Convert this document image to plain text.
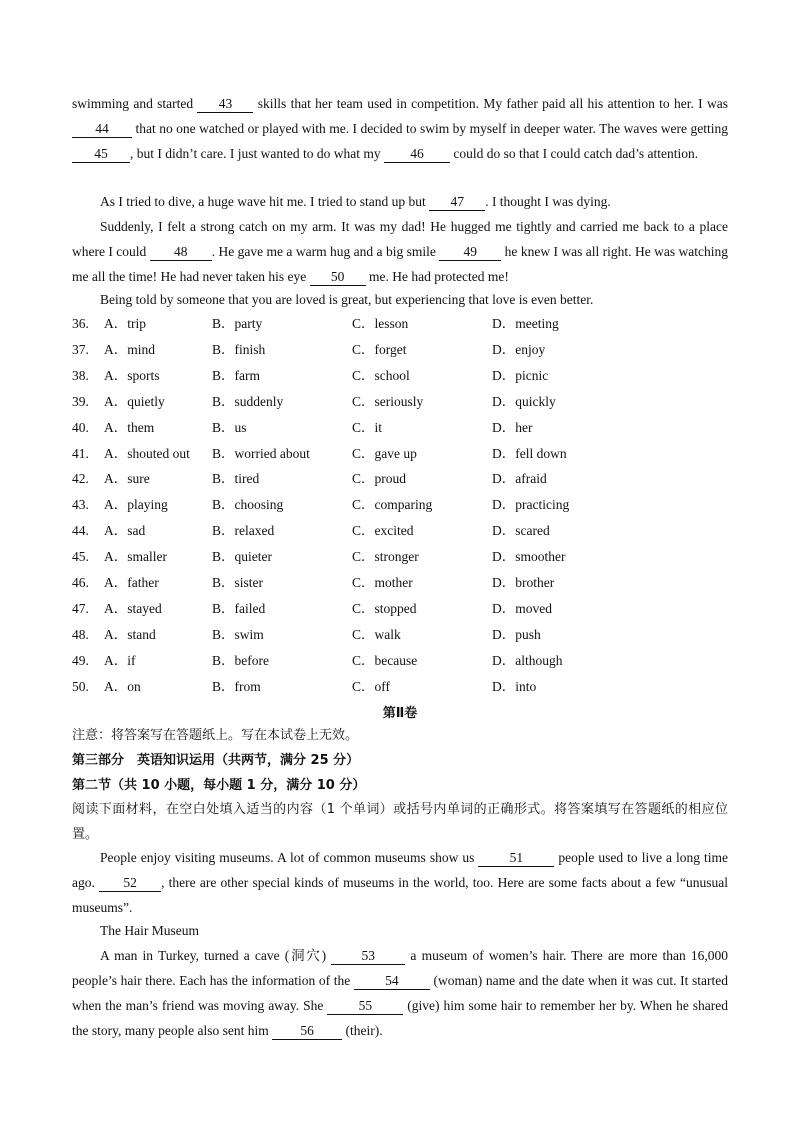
swimming and started 43 skills that her team used in competition. My father paid all his attention to her. I was 44 that no one watched or played with me. I decided to swim by myself in deeper water. The waves were getting 45 , but I didn’t care. I just wanted to do what my 46 could do so that I could catch dad’s attention.

As I tried to dive, a huge wave hit me. I tried to stand up but 47 . I thought I was dying.

Suddenly, I felt a strong catch on my arm. It was my dad! He hugged me tightly and carried me back to a place where I could 48 . He gave me a warm hug and a big smile 49 he knew I was all right. He was watching me all the time! He had never taken his eye 50 me. He had protected me!

Being told by someone that you are loved is great, but experiencing that love is even better.

36. A．trip	B．party	C．lesson	D．meeting
37. A．mind	B．finish	C．forget	D．enjoy
38. A．sports	B．farm	C．school	D．picnic
39. A．quietly	B．suddenly	C．seriously	D．quickly
40. A．them	B．us	C．it	D．her
41. A．shouted out B．worried about	C．gave up	D．fell down
42. A．sure	B．tired	C．proud	D．afraid
43. A．playing	B．choosing	C．comparing	D．practicing
44. A．sad	B．relaxed	C．excited	D．scared
45. A．smaller	B．quieter	C．stronger	D．smoother
46. A．father	B．sister	C．mother	D．brother
47. A．stayed	B．failed	C．stopped	D．moved
48. A．stand	B．swim	C．walk	D．push
49. A．if	B．before	C．because	D．although
50. A．on	B．from	C．off	D．into
第Ⅱ卷

注意：将答案写在答题纸上。写在本试卷上无效。

第三部分　英语知识运用（共两节，满分 25 分）

第二节（共 10 小题，每小题 1 分，满分 10 分）

阅读下面材料，在空白处填入适当的内容（1 个单词）或括号内单词的正确形式。将答案填写在答题纸的相应位置。

People enjoy visiting museums. A lot of common museums show us 51 people used to live a long time ago. 52 , there are other special kinds of museums in the world, too. Here are some facts about a few “unusual museums”.

The Hair Museum

A man in Turkey, turned a cave (洞穴) 53 a museum of women’s hair. There are more than 16,000 people’s hair there. Each has the information of the 54 (woman) name and the date when it was cut. It started when the man’s friend was moving away. She 55 (give) him some hair to remember her by. When he shared the story, many people also sent him 56 (their).
